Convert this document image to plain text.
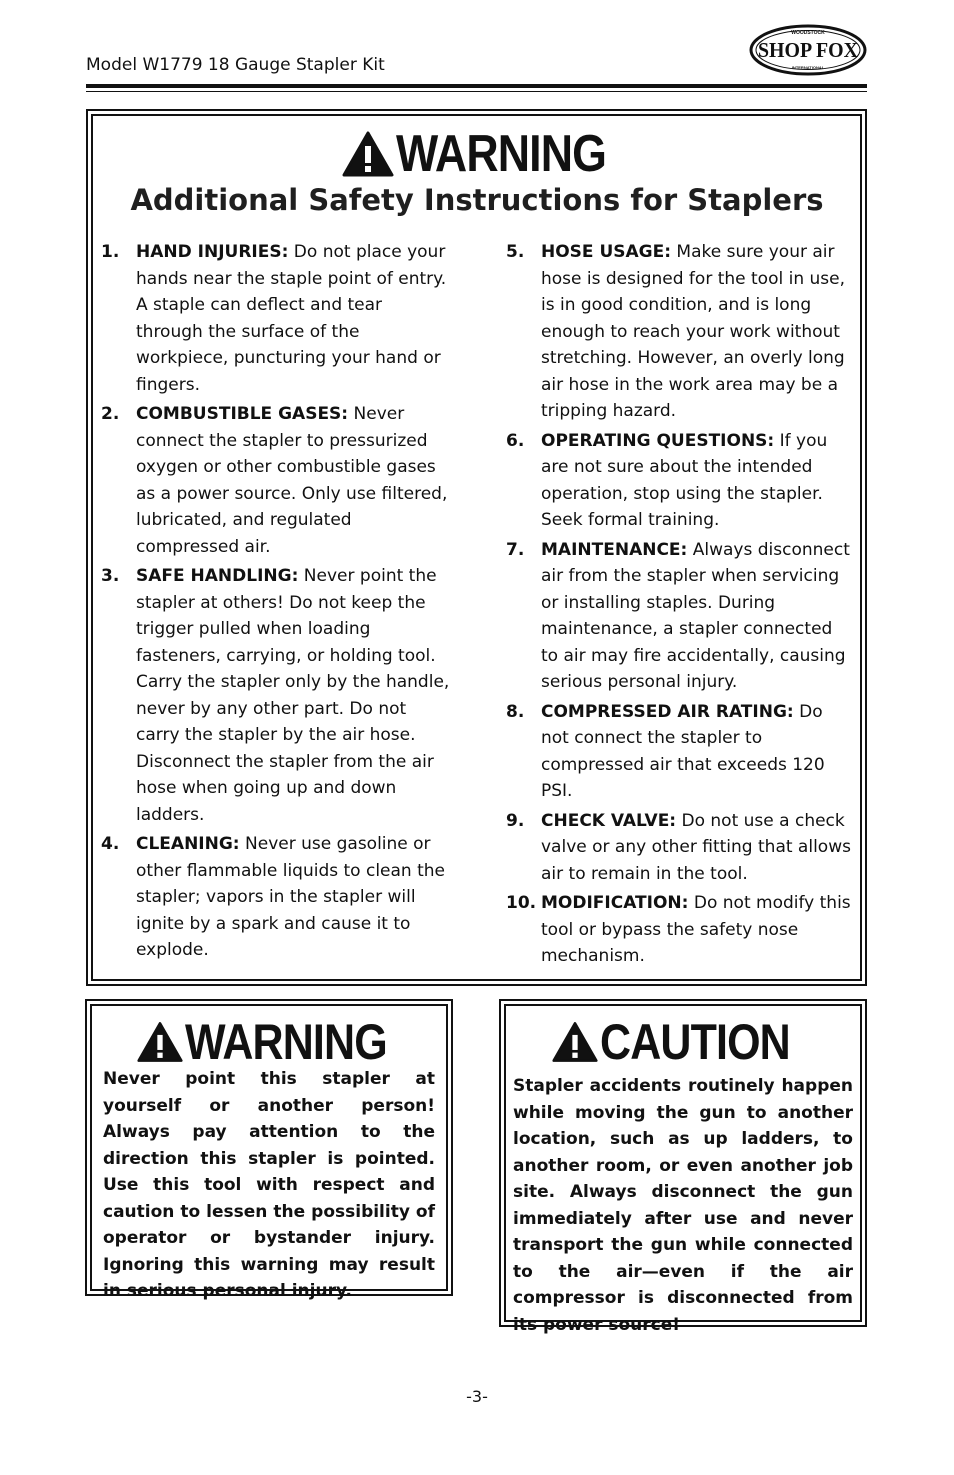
Model W1779 18 Gauge Stapler Kit
WOODSTOCK
SHOP FOX
INTERNATIONAL
WARNING
Additional Safety Instructions for Staplers
1. HAND INJURIES: Do not place your hands near the staple point of entry. A staple can deflect and tear through the surface of the workpiece, puncturing your hand or fingers.
2. COMBUSTIBLE GASES: Never connect the stapler to pressurized oxygen or other combustible gases as a power source. Only use filtered, lubricated, and regulated compressed air.
3. SAFE HANDLING: Never point the stapler at others! Do not keep the trigger pulled when loading fasteners, carrying, or holding tool. Carry the stapler only by the handle, never by any other part. Do not carry the stapler by the air hose. Disconnect the stapler from the air hose when going up and down ladders.
4. CLEANING: Never use gasoline or other flammable liquids to clean the stapler; vapors in the stapler will ignite by a spark and cause it to explode.
5. HOSE USAGE: Make sure your air hose is designed for the tool in use, is in good condition, and is long enough to reach your work without stretching. However, an overly long air hose in the work area may be a tripping hazard.
6. OPERATING QUESTIONS: If you are not sure about the intended operation, stop using the stapler. Seek formal training.
7. MAINTENANCE: Always disconnect air from the stapler when servicing or installing staples. During maintenance, a stapler connected to air may fire accidentally, causing serious personal injury.
8. COMPRESSED AIR RATING: Do not connect the stapler to compressed air that exceeds 120 PSI.
9. CHECK VALVE: Do not use a check valve or any other fitting that allows air to remain in the tool.
10. MODIFICATION: Do not modify this tool or bypass the safety nose mechanism.
WARNING
Never point this stapler at yourself or another person! Always pay attention to the direction this stapler is pointed. Use this tool with respect and caution to lessen the possibility of operator or bystander injury. Ignoring this warning may result in serious personal injury.
CAUTION
Stapler accidents routinely happen while moving the gun to another location, such as up ladders, to another room, or even another job site. Always disconnect the gun immediately after use and never transport the gun while connected to the air—even if the air compressor is disconnected from its power source!
-3-
